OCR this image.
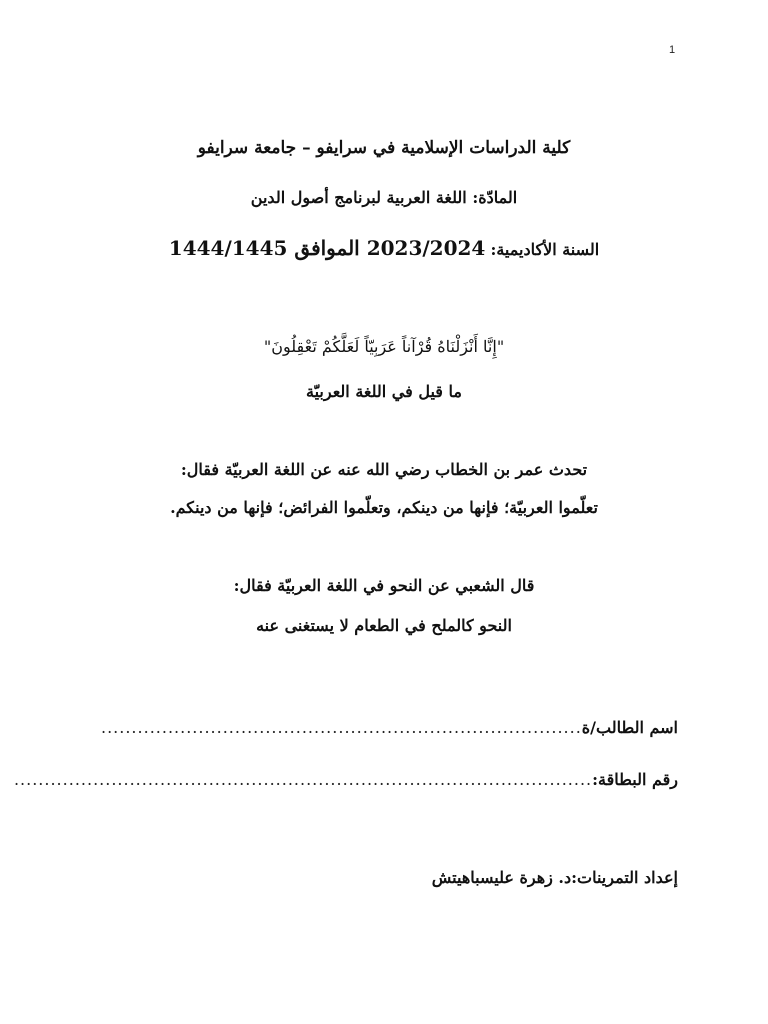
1
كلية الدراسات الإسلامية في سرايفو – جامعة سرايفو
المادّة: اللغة العربية لبرنامج أصول الدين
السنة الأكاديمية: 2023/2024 الموافق 1444/1445
"إِنَّا أَنْزَلْنَاهُ قُرْآناً عَرَبِيّاً لَعَلَّكُمْ تَعْقِلُونَ"
ما قيل في اللغة العربيّة
تحدث عمر بن الخطاب رضي الله عنه عن اللغة العربيّة فقال:
تعلّموا العربيّة؛ فإنها من دينكم، وتعلّموا الفرائض؛ فإنها من دينكم.
قال الشعبي عن النحو في اللغة العربيّة فقال:
النحو كالملح في الطعام لا يستغنى عنه
اسم الطالب/ة
...............................................................................
رقم البطاقة:
...............................................................................................
إعداد التمرينات:د. زهرة عليسباهيتش
